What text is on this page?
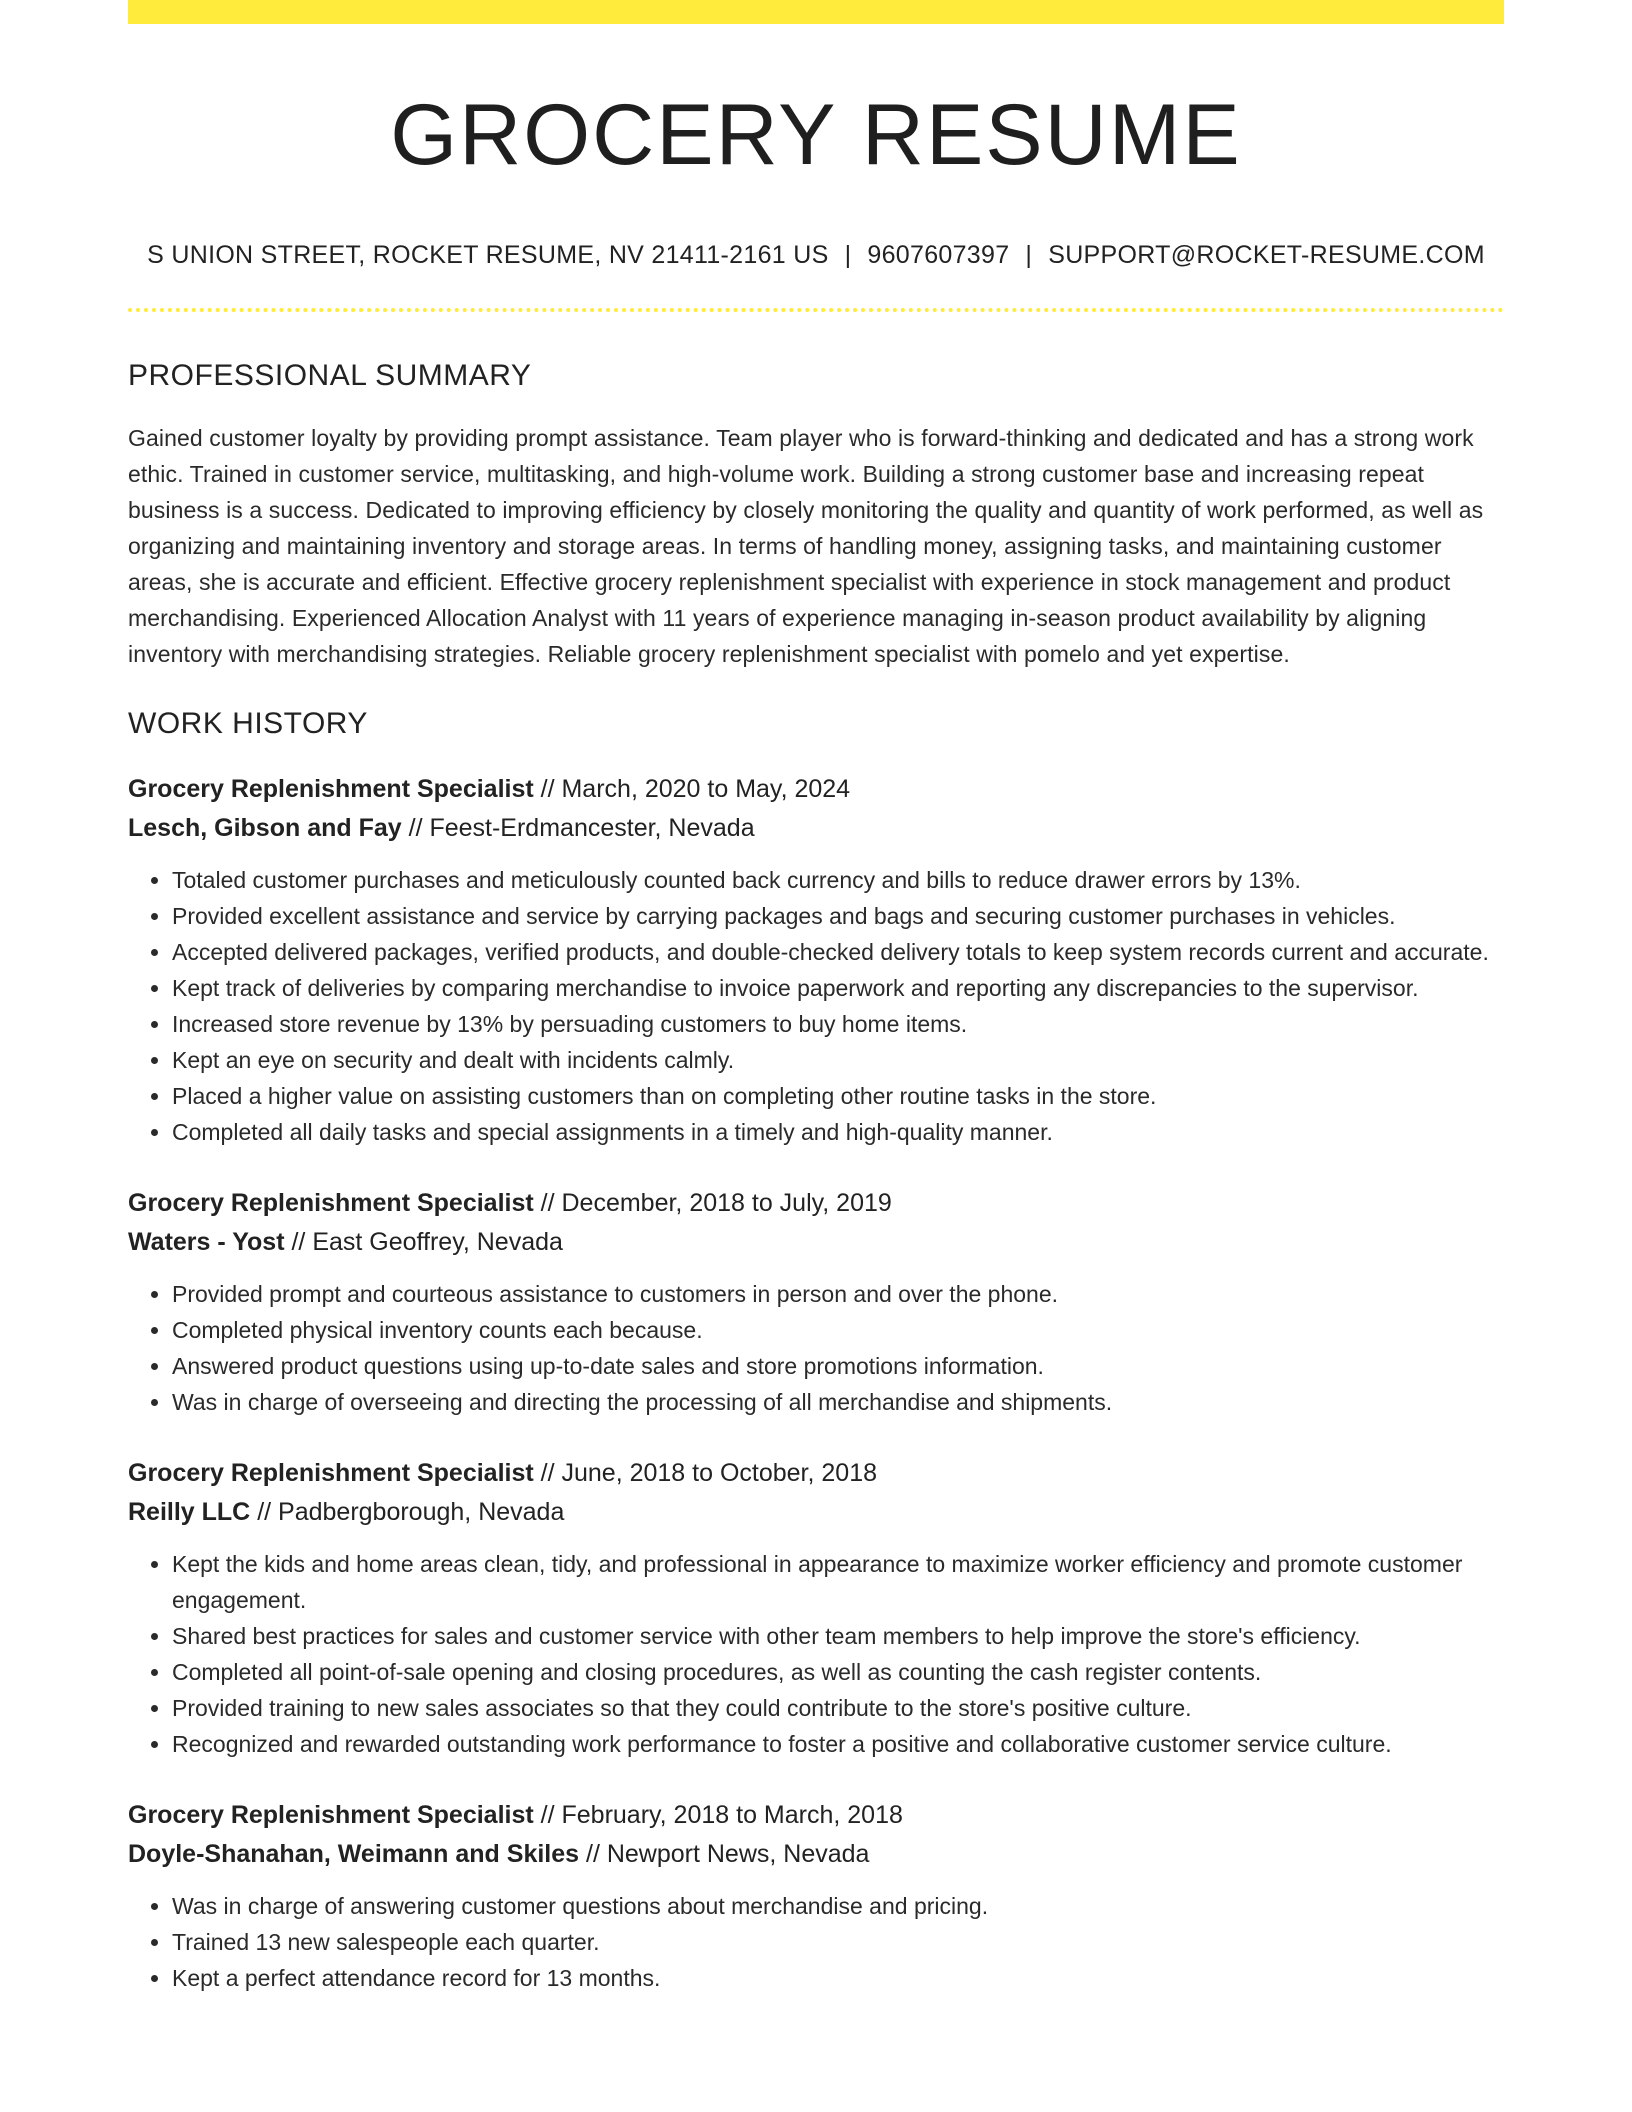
GROCERY RESUME
S UNION STREET, ROCKET RESUME, NV 21411-2161 US | 9607607397 | SUPPORT@ROCKET-RESUME.COM
PROFESSIONAL SUMMARY

Gained customer loyalty by providing prompt assistance. Team player who is forward-thinking and dedicated and has a strong work ethic. Trained in customer service, multitasking, and high-volume work. Building a strong customer base and increasing repeat business is a success. Dedicated to improving efficiency by closely monitoring the quality and quantity of work performed, as well as organizing and maintaining inventory and storage areas. In terms of handling money, assigning tasks, and maintaining customer areas, she is accurate and efficient. Effective grocery replenishment specialist with experience in stock management and product merchandising. Experienced Allocation Analyst with 11 years of experience managing in-season product availability by aligning inventory with merchandising strategies. Reliable grocery replenishment specialist with pomelo and yet expertise.

WORK HISTORY
Grocery Replenishment Specialist // March, 2020 to May, 2024
Lesch, Gibson and Fay // Feest-Erdmancester, Nevada
• Totaled customer purchases and meticulously counted back currency and bills to reduce drawer errors by 13%.
• Provided excellent assistance and service by carrying packages and bags and securing customer purchases in vehicles.
• Accepted delivered packages, verified products, and double-checked delivery totals to keep system records current and accurate.
• Kept track of deliveries by comparing merchandise to invoice paperwork and reporting any discrepancies to the supervisor.
• Increased store revenue by 13% by persuading customers to buy home items.
• Kept an eye on security and dealt with incidents calmly.
• Placed a higher value on assisting customers than on completing other routine tasks in the store.
• Completed all daily tasks and special assignments in a timely and high-quality manner.
Grocery Replenishment Specialist // December, 2018 to July, 2019
Waters - Yost // East Geoffrey, Nevada
• Provided prompt and courteous assistance to customers in person and over the phone.
• Completed physical inventory counts each because.
• Answered product questions using up-to-date sales and store promotions information.
• Was in charge of overseeing and directing the processing of all merchandise and shipments.
Grocery Replenishment Specialist // June, 2018 to October, 2018
Reilly LLC // Padbergborough, Nevada
• Kept the kids and home areas clean, tidy, and professional in appearance to maximize worker efficiency and promote customer engagement.
• Shared best practices for sales and customer service with other team members to help improve the store's efficiency.
• Completed all point-of-sale opening and closing procedures, as well as counting the cash register contents.
• Provided training to new sales associates so that they could contribute to the store's positive culture.
• Recognized and rewarded outstanding work performance to foster a positive and collaborative customer service culture.
Grocery Replenishment Specialist // February, 2018 to March, 2018
Doyle-Shanahan, Weimann and Skiles // Newport News, Nevada
• Was in charge of answering customer questions about merchandise and pricing.
• Trained 13 new salespeople each quarter.
• Kept a perfect attendance record for 13 months.
